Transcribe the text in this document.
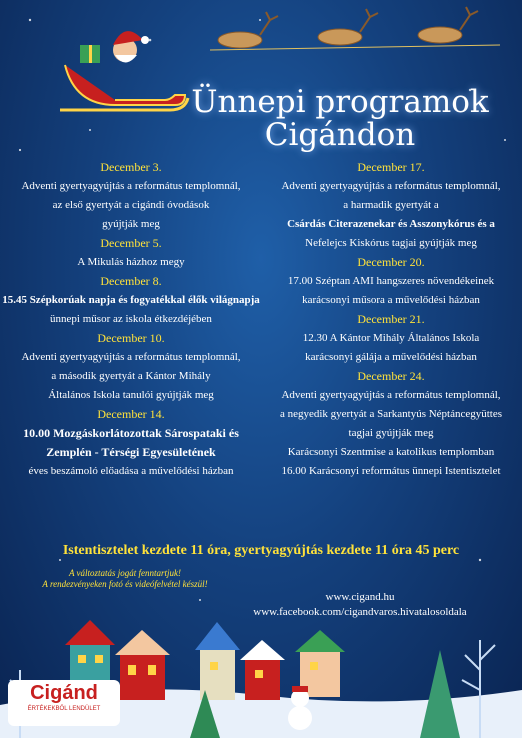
Ünnepi programok
Cigándon
December 3.
Adventi gyertyagyújtás a református templomnál,
az első gyertyát a cigándi óvodások
gyújtják meg
December 5.
A Mikulás házhoz megy
December 8.
15.45 Szépkorúak napja és fogyatékkal élők világnapja
ünnepi műsor az iskola étkezdéjében
December 10.
Adventi gyertyagyújtás a református templomnál,
a második gyertyát a Kántor Mihály
Általános Iskola tanulói gyújtják meg
December 14.
10.00 Mozgáskorlátozottak Sárospataki és
Zemplén - Térségi Egyesületének
éves beszámoló előadása a művelődési házban
December 17.
Adventi gyertyagyújtás a református templomnál,
a harmadik gyertyát a
Csárdás Citerazenekar és Asszonykórus és a
Nefelejcs Kiskórus tagjai gyújtják meg
December 20.
17.00 Széptan AMI hangszeres növendékeinek
karácsonyi műsora a művelődési házban
December 21.
12.30 A Kántor Mihály Általános Iskola
karácsonyi gálája a művelődési házban
December 24.
Adventi gyertyagyújtás a református templomnál,
a negyedik gyertyát a Sarkantyús Néptáncegyüttes
tagjai gyújtják meg
Karácsonyi Szentmise a katolikus templomban
16.00 Karácsonyi református ünnepi Istentisztelet
Istentisztelet kezdete 11 óra, gyertyagyújtás kezdete 11 óra 45 perc
A változtatás jogát fenntartjuk!
A rendezvényeken fotó és videófelvétel készül!
www.cigand.hu
www.facebook.com/cigandvaros.hivatalosoldala
Cigánd
ÉRTÉKEKBŐL LENDÜLET
